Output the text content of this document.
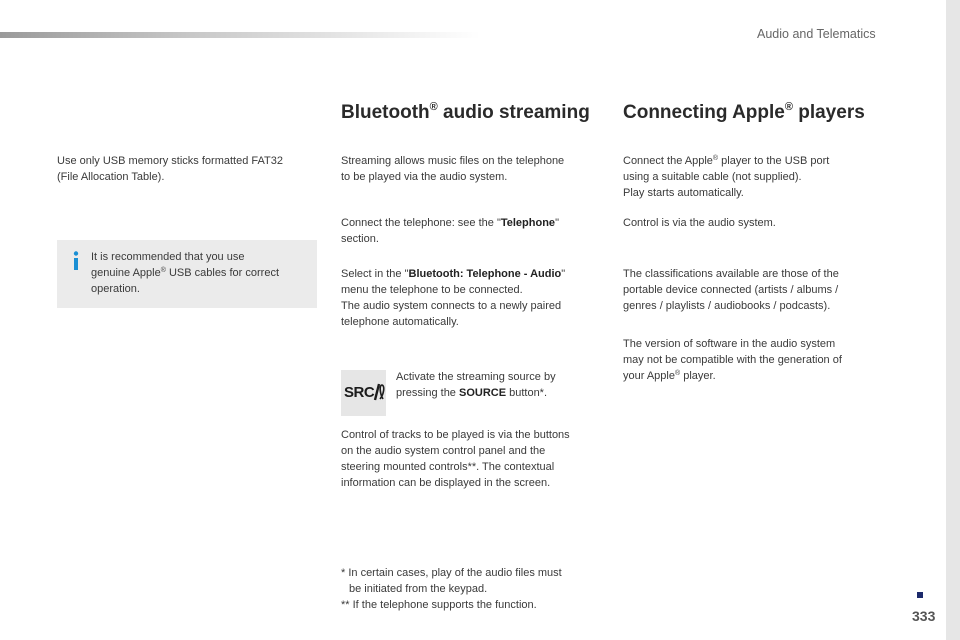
Audio and Telematics
Use only USB memory sticks formatted FAT32
(File Allocation Table).
It is recommended that you use
genuine Apple® USB cables for correct
operation.
Bluetooth® audio streaming
Streaming allows music files on the telephone
to be played via the audio system.
Connect the telephone: see the "Telephone"
section.
Select in the "Bluetooth: Telephone - Audio"
menu the telephone to be connected.
The audio system connects to a newly paired
telephone automatically.
SRC
Activate the streaming source by
pressing the SOURCE button*.
Control of tracks to be played is via the buttons
on the audio system control panel and the
steering mounted controls**. The contextual
information can be displayed in the screen.
* In certain cases, play of the audio files must
be initiated from the keypad.
** If the telephone supports the function.
Connecting Apple® players
Connect the Apple® player to the USB port
using a suitable cable (not supplied).
Play starts automatically.
Control is via the audio system.
The classifications available are those of the
portable device connected (artists / albums /
genres / playlists / audiobooks / podcasts).
The version of software in the audio system
may not be compatible with the generation of
your Apple® player.
333
